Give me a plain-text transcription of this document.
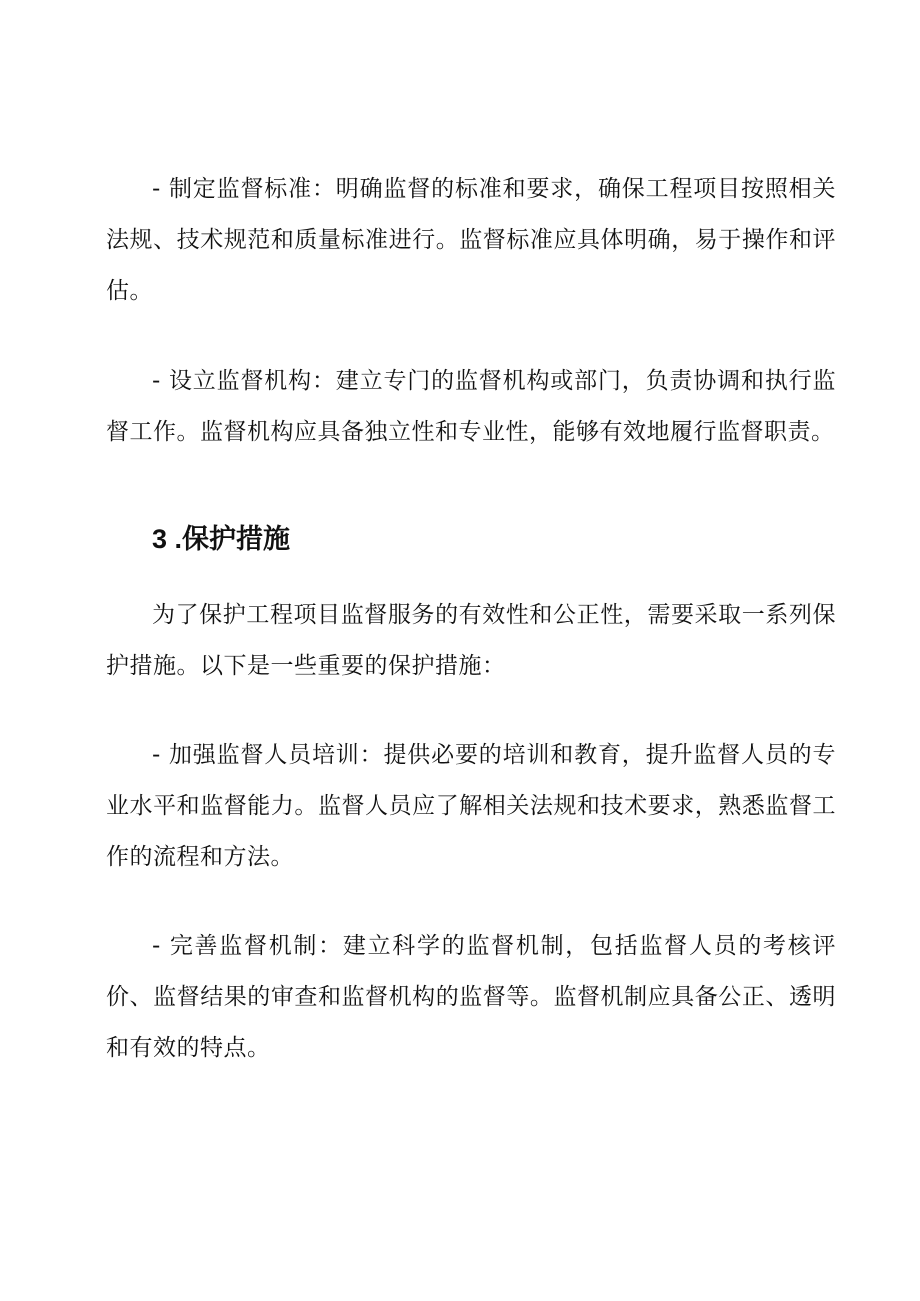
- 制定监督标准：明确监督的标准和要求，确保工程项目按照相关法规、技术规范和质量标准进行。监督标准应具体明确，易于操作和评估。

- 设立监督机构：建立专门的监督机构或部门，负责协调和执行监督工作。监督机构应具备独立性和专业性，能够有效地履行监督职责。

3 .保护措施

为了保护工程项目监督服务的有效性和公正性，需要采取一系列保护措施。以下是一些重要的保护措施：

- 加强监督人员培训：提供必要的培训和教育，提升监督人员的专业水平和监督能力。监督人员应了解相关法规和技术要求，熟悉监督工作的流程和方法。

- 完善监督机制：建立科学的监督机制，包括监督人员的考核评价、监督结果的审查和监督机构的监督等。监督机制应具备公正、透明和有效的特点。
